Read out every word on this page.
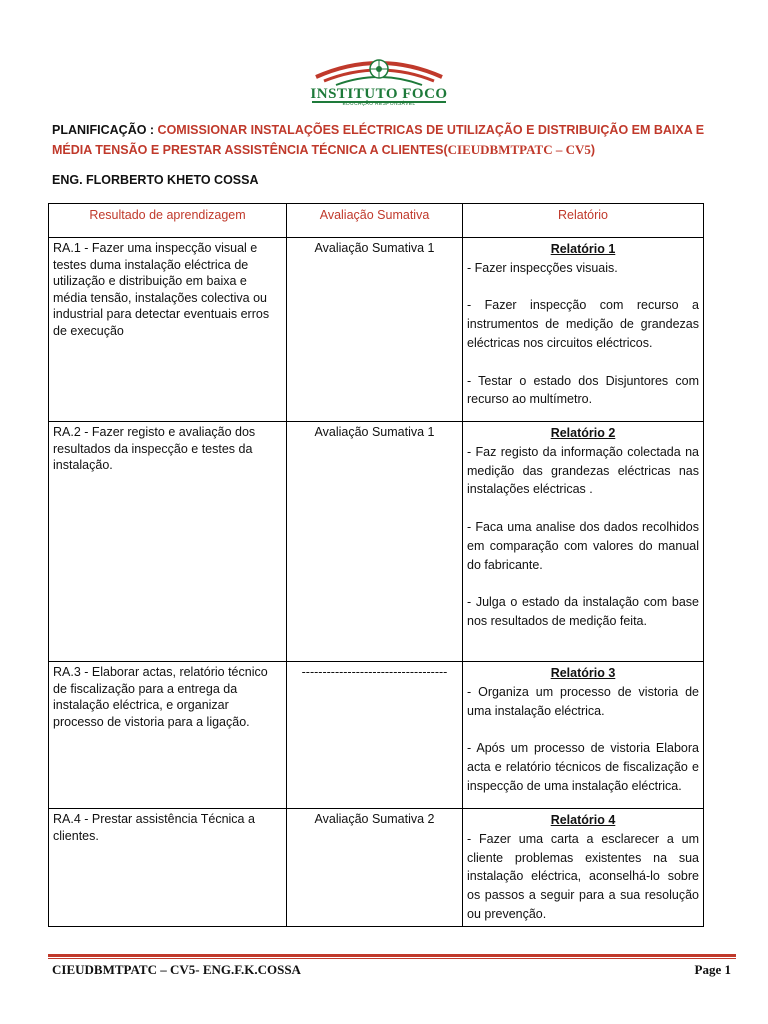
INSTITUTO FOCO
EDUCAÇÃO RESPONSÁVEL
PLANIFICAÇÃO : COMISSIONAR INSTALAÇÕES ELÉCTRICAS DE UTILIZAÇÃO E DISTRIBUIÇÃO EM BAIXA E MÉDIA TENSÃO E PRESTAR ASSISTÊNCIA TÉCNICA A CLIENTES(CIEUDBMTPATC – CV5)
ENG. FLORBERTO KHETO COSSA
Resultado de aprendizagem	Avaliação Sumativa	Relatório
RA.1 - Fazer uma inspecção visual e testes duma instalação eléctrica de utilização e distribuição em baixa e média tensão, instalações colectiva ou industrial para detectar eventuais erros de execução	Avaliação Sumativa 1	Relatório 1
- Fazer inspecções visuais.
- Fazer inspecção com recurso a instrumentos de medição de grandezas eléctricas nos circuitos eléctricos.
- Testar o estado dos Disjuntores com recurso ao multímetro.

RA.2 - Fazer registo e avaliação dos resultados da inspecção e testes da instalação.	Avaliação Sumativa 1	Relatório 2
- Faz registo da informação colectada na medição das grandezas eléctricas nas instalações eléctricas .
- Faca uma analise dos dados recolhidos em comparação com valores do manual do fabricante.
- Julga o estado da instalação com base nos resultados de medição feita.

RA.3 - Elaborar actas, relatório técnico de fiscalização para a entrega da instalação eléctrica, e organizar processo de vistoria para a ligação.	-----------------------------------	Relatório 3
- Organiza um processo de vistoria de uma instalação eléctrica.
- Após um processo de vistoria Elabora acta e relatório técnicos de fiscalização e inspecção de uma instalação eléctrica.

RA.4 - Prestar assistência Técnica a clientes.	Avaliação Sumativa 2	Relatório 4
- Fazer uma carta a esclarecer a um cliente problemas existentes na sua instalação eléctrica, aconselhá-lo sobre os passos a seguir para a sua resolução ou prevenção.
CIEUDBMTPATC – CV5- ENG.F.K.COSSA	Page 1
